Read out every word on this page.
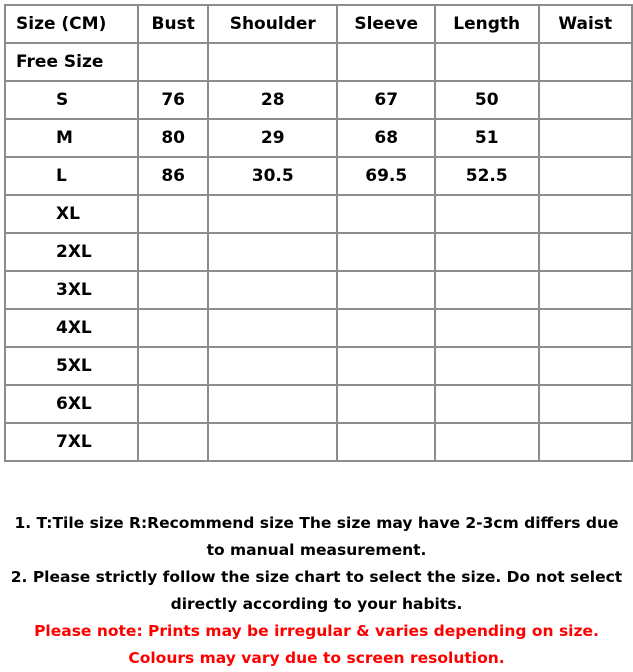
Size (CM)	Bust	Shoulder	Sleeve	Length	Waist
Free Size					
S	76	28	67	50	
M	80	29	68	51	
L	86	30.5	69.5	52.5	
XL					
2XL					
3XL					
4XL					
5XL					
6XL					
7XL					

1. T:Tile size R:Recommend size The size may have 2-3cm differs due

to manual measurement.

2. Please strictly follow the size chart to select the size. Do not select

directly according to your habits.

Please note: Prints may be irregular & varies depending on size.

Colours may vary due to screen resolution.
